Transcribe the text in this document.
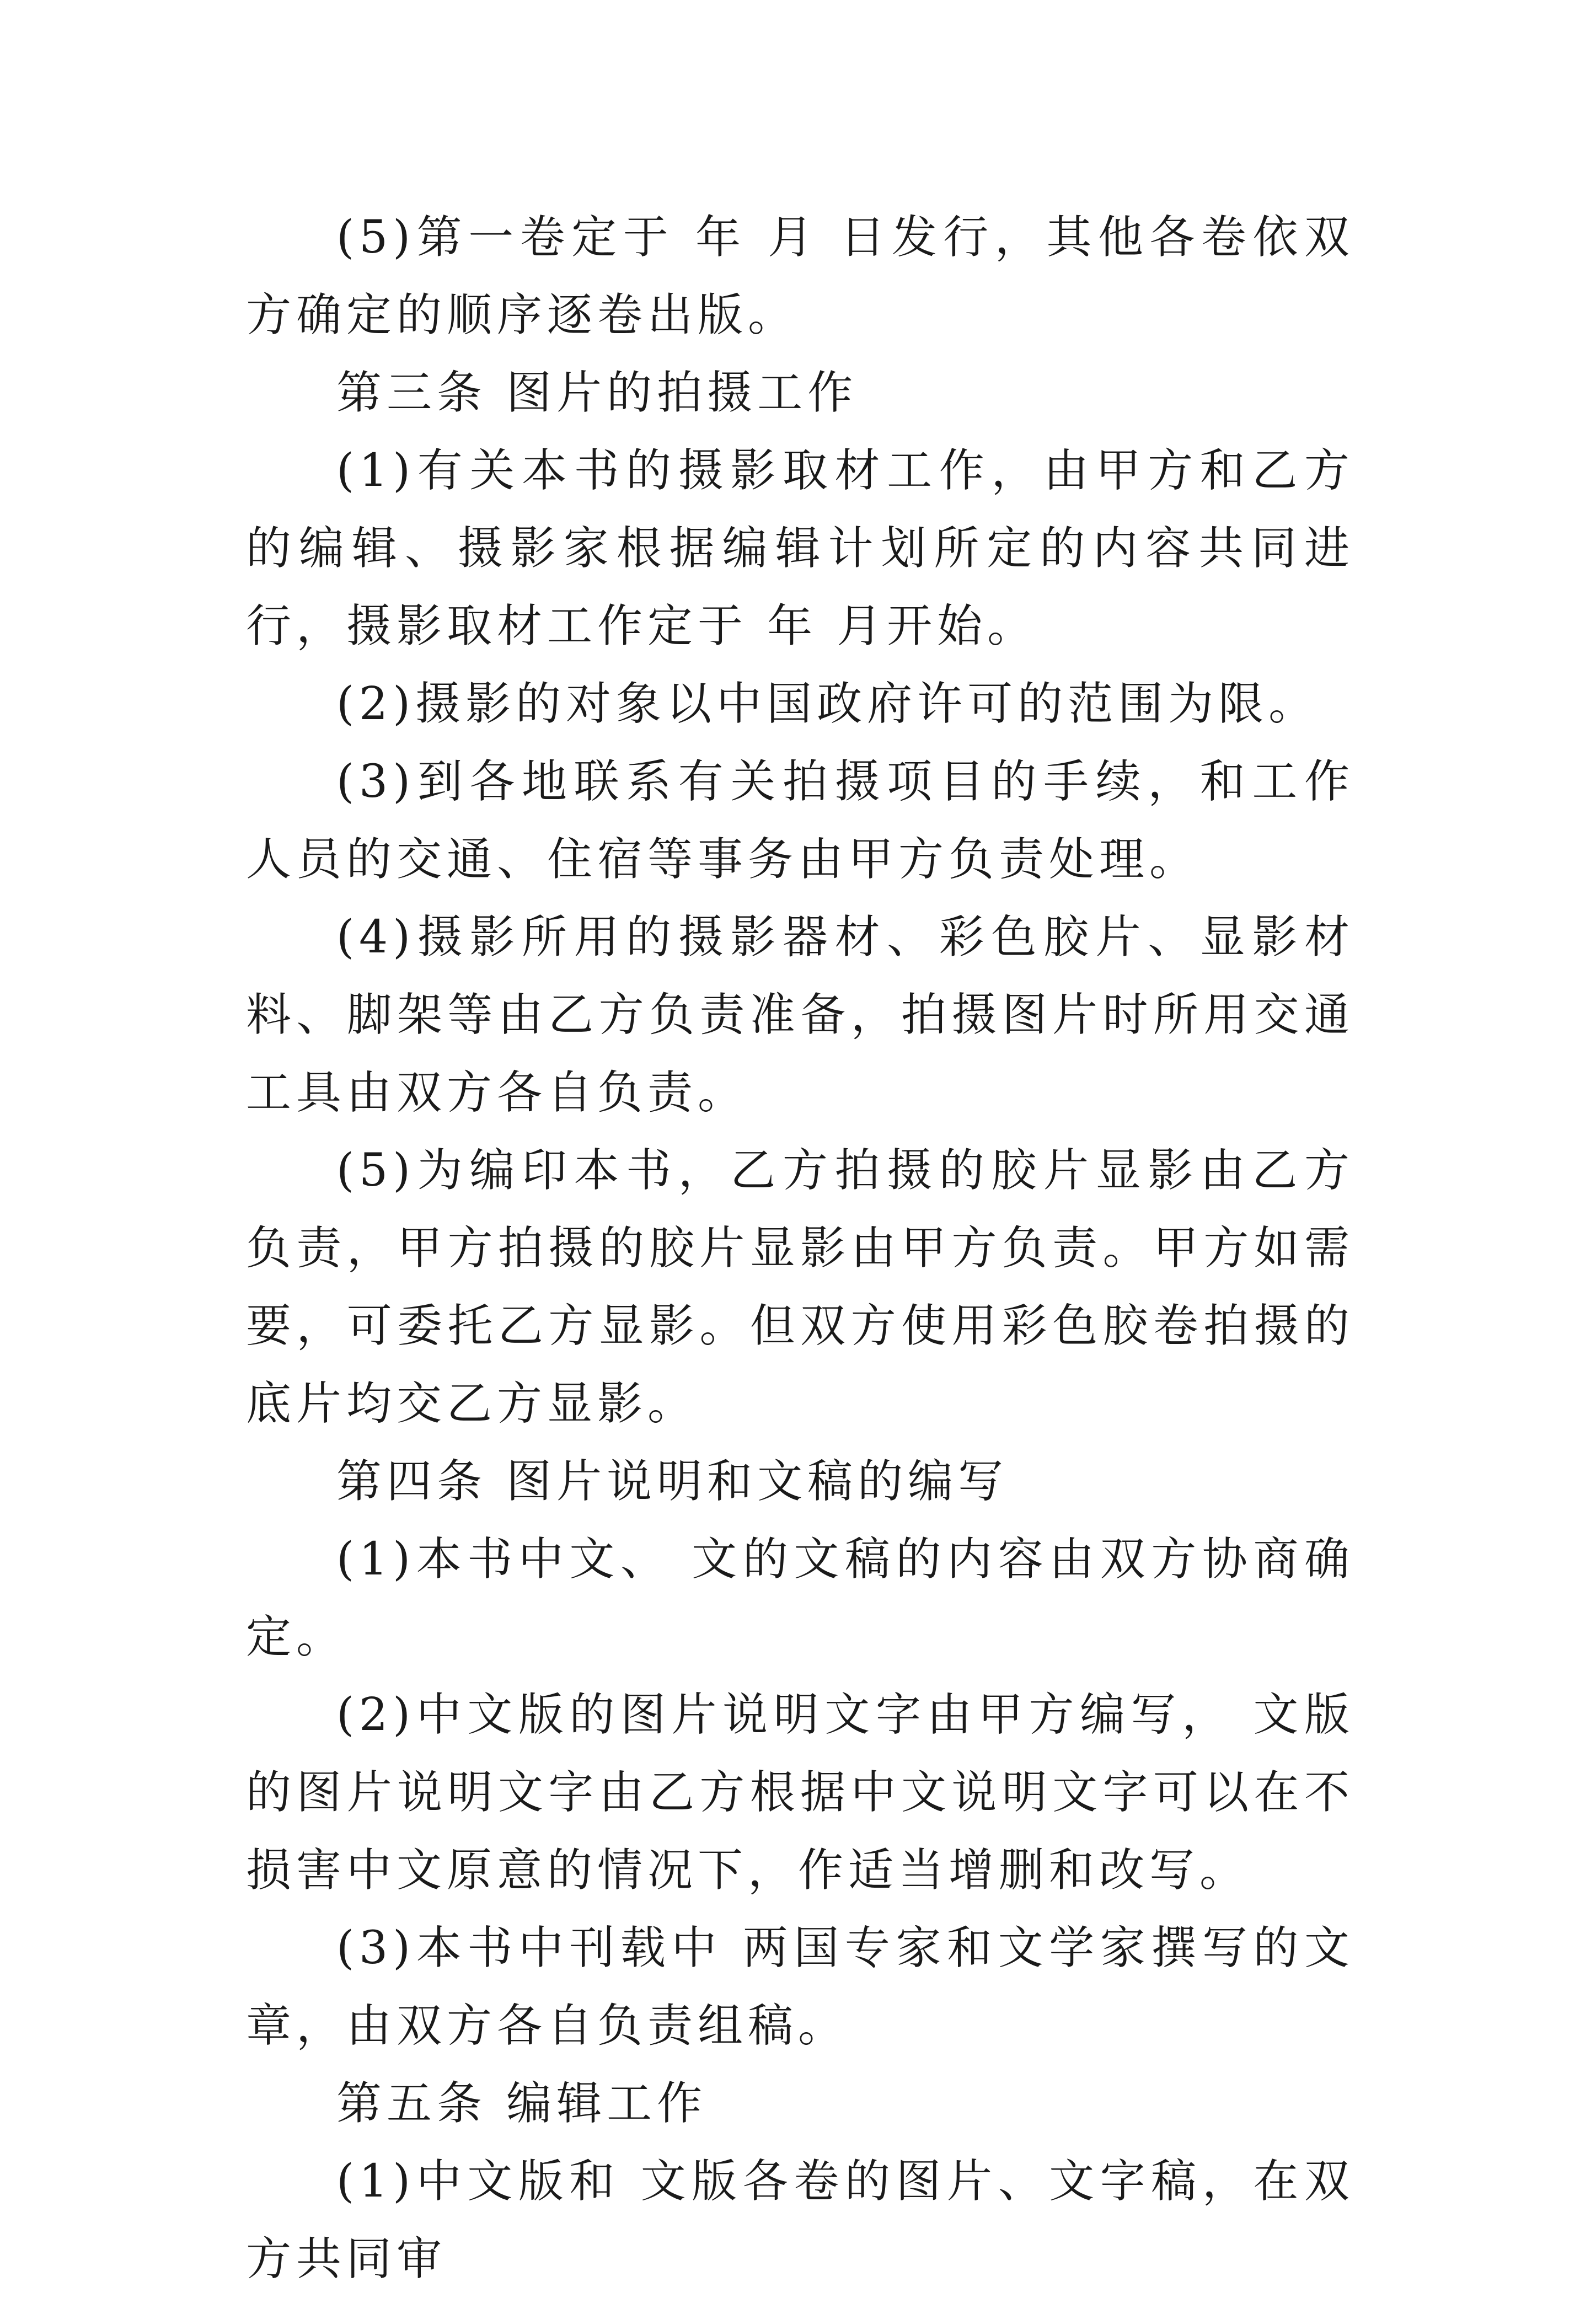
(5)第一卷定于 年 月 日发行，其他各卷依双方确定的顺序逐卷出版。

第三条 图片的拍摄工作

(1)有关本书的摄影取材工作，由甲方和乙方的编辑、摄影家根据编辑计划所定的内容共同进行，摄影取材工作定于 年 月开始。

(2)摄影的对象以中国政府许可的范围为限。

(3)到各地联系有关拍摄项目的手续，和工作人员的交通、住宿等事务由甲方负责处理。

(4)摄影所用的摄影器材、彩色胶片、显影材料、脚架等由乙方负责准备，拍摄图片时所用交通工具由双方各自负责。

(5)为编印本书，乙方拍摄的胶片显影由乙方负责，甲方拍摄的胶片显影由甲方负责。甲方如需要，可委托乙方显影。但双方使用彩色胶卷拍摄的底片均交乙方显影。

第四条 图片说明和文稿的编写

(1)本书中文、 文的文稿的内容由双方协商确定。

(2)中文版的图片说明文字由甲方编写， 文版的图片说明文字由乙方根据中文说明文字可以在不损害中文原意的情况下，作适当增删和改写。

(3)本书中刊载中 两国专家和文学家撰写的文章，由双方各自负责组稿。

第五条 编辑工作

(1)中文版和 文版各卷的图片、文字稿，在双方共同审
